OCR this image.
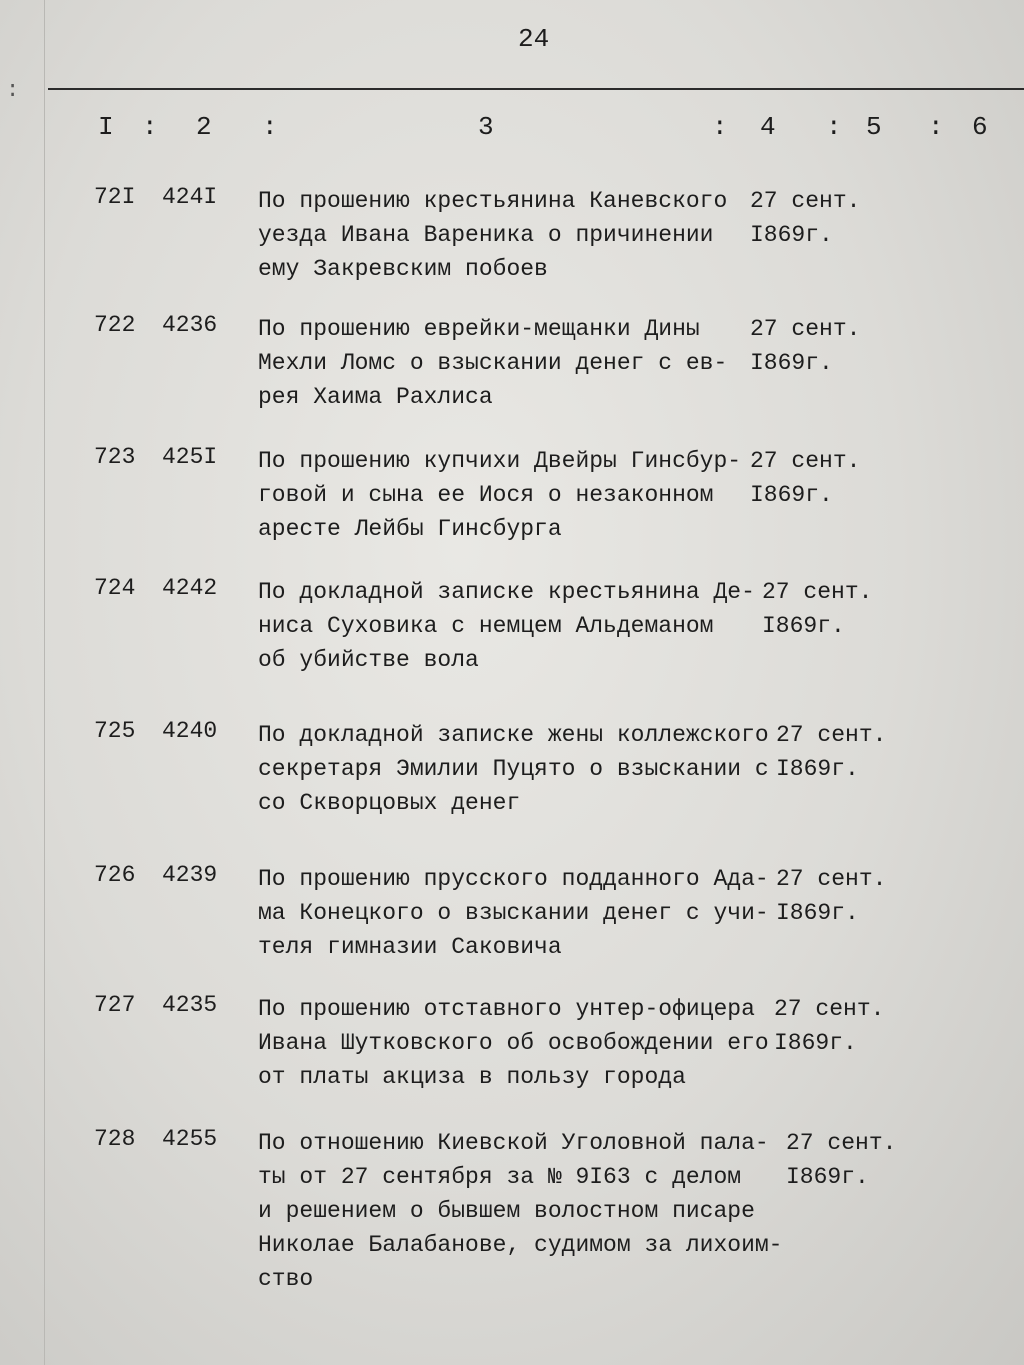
:
24
I : 2 :	3	: 4 : 5 : 6
72I 424I По прошению крестьянина Каневского
уезда Ивана Вареника о причинении
ему Закревским побоев
27 сент.
I869г.
722 4236 По прошению еврейки-мещанки Дины
Мехли Ломс о взыскании денег с ев-
рея Хаима Рахлиса
27 сент.
I869г.
723 425I По прошению купчихи Двейры Гинсбур-
говой и сына ее Иося о незаконном
аресте Лейбы Гинсбурга
27 сент.
I869г.
724 4242 По докладной записке крестьянина Де-
ниса Суховика с немцем Альдеманом
об убийстве вола
27 сент.
I869г.
725 4240 По докладной записке жены коллежского
секретаря Эмилии Пуцято о взыскании с
со Скворцовых денег
27 сент.
I869г.
726 4239 По прошению прусского подданного Ада-
ма Конецкого о взыскании денег с учи-
теля гимназии Саковича
27 сент.
I869г.
727 4235 По прошению отставного унтер-офицера
Ивана Шутковского об освобождении его
от платы акциза в пользу города
27 сент.
I869г.
728 4255 По отношению Киевской Уголовной пала-
ты от 27 сентября за № 9I63 с делом
и решением о бывшем волостном писаре
Николае Балабанове, судимом за лихоим-
ство
27 сент.
I869г.
